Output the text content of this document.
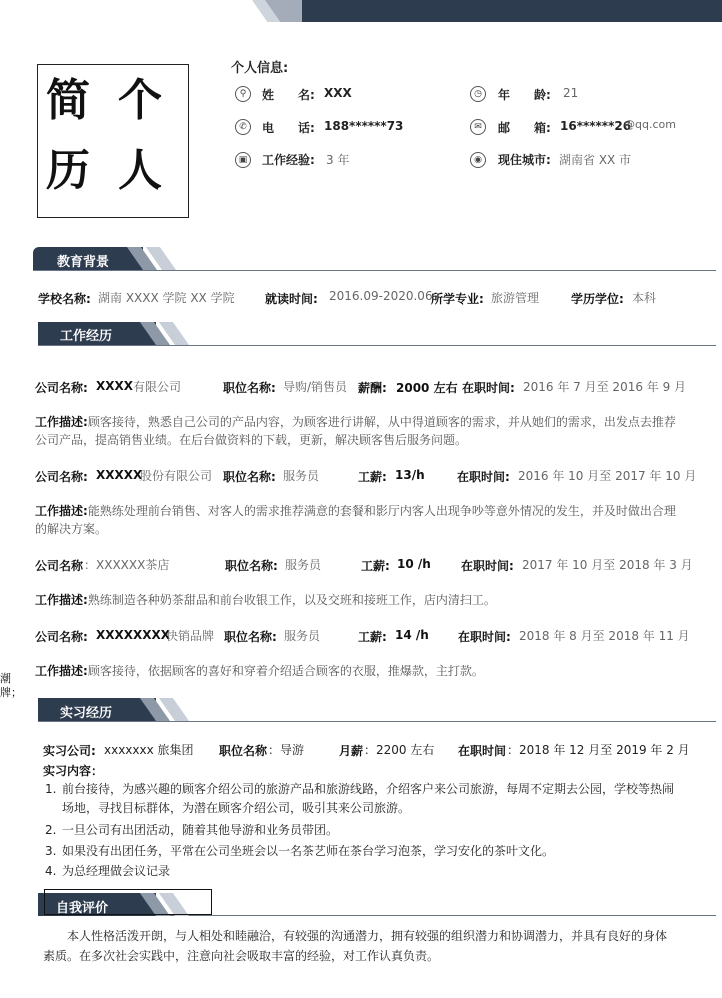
简 个
历 人
个人信息:
⚲	姓　　名: XXX	◷	年　　龄: 21
✆	电　　话: 188******73	✉	邮　　箱: 16******26
@qq.com
▣	工作经验: 3 年	◉	现住城市: 湖南省 XX 市
教育背景
学校名称: 湖南 XXXX 学院 XX 学院	就读时间: 2016.09-2020.06
所学专业: 旅游管理	学历学位: 本科
工作经历
公司名称: XXXX 有限公司	职位名称: 导购/销售员 薪酬: 2000 左右 在职时间: 2016 年 7 月至 2016 年 9 月
工作描述:顾客接待，熟悉自己公司的产品内容，为顾客进行讲解，从中得道顾客的需求，并从她们的需求，出发点去推荐公司产品，提高销售业绩。在后台做资料的下载，更新，解决顾客售后服务问题。
公司名称: XXXXX
股份有限公司 职位名称: 服务员	工薪: 13/h	在职时间: 2016 年 10 月至 2017 年 10 月
工作描述:能熟练处理前台销售、对客人的需求推荐满意的套餐和影厅内客人出现争吵等意外情况的发生，并及时做出合理的解决方案。
公司名称 ：XXXXXX茶店	职位名称: 服务员	工薪: 10 /h	在职时间: 2017 年 10 月至 2018 年 3 月
工作描述:熟练制造各种奶茶甜品和前台收银工作，以及交班和接班工作，店内清扫工。
公司名称: XXXXXXXX
快销品牌 职位名称: 服务员	工薪: 14 /h 在职时间: 2018 年 8 月至 2018 年 11 月
工作描述:顾客接待，依据顾客的喜好和穿着介绍适合顾客的衣服，推爆款，主打款。
潮牌；
实习经历
实习公司: xxxxxxx 旅集团 职位名称 ：导游	月薪 ：2200 左右 在职时间 ：2018 年 12 月至 2019 年 2 月
实习内容：
1. 前台接待，为感兴趣的顾客介绍公司的旅游产品和旅游线路，介绍客户来公司旅游，每周不定期去公园，学校等热闹场地，寻找目标群体，为潜在顾客介绍公司，吸引其来公司旅游。
2. 一旦公司有出团活动，随着其他导游和业务员带团。
3. 如果没有出团任务，平常在公司坐班会以一名茶艺师在茶台学习泡茶，学习安化的茶叶文化。
4. 为总经理做会议记录
自我评价
本人性格活泼开朗，与人相处和睦融洽，有较强的沟通潜力，拥有较强的组织潜力和协调潜力，并具有良好的身体素质。在多次社会实践中，注意向社会吸取丰富的经验，对工作认真负责。
